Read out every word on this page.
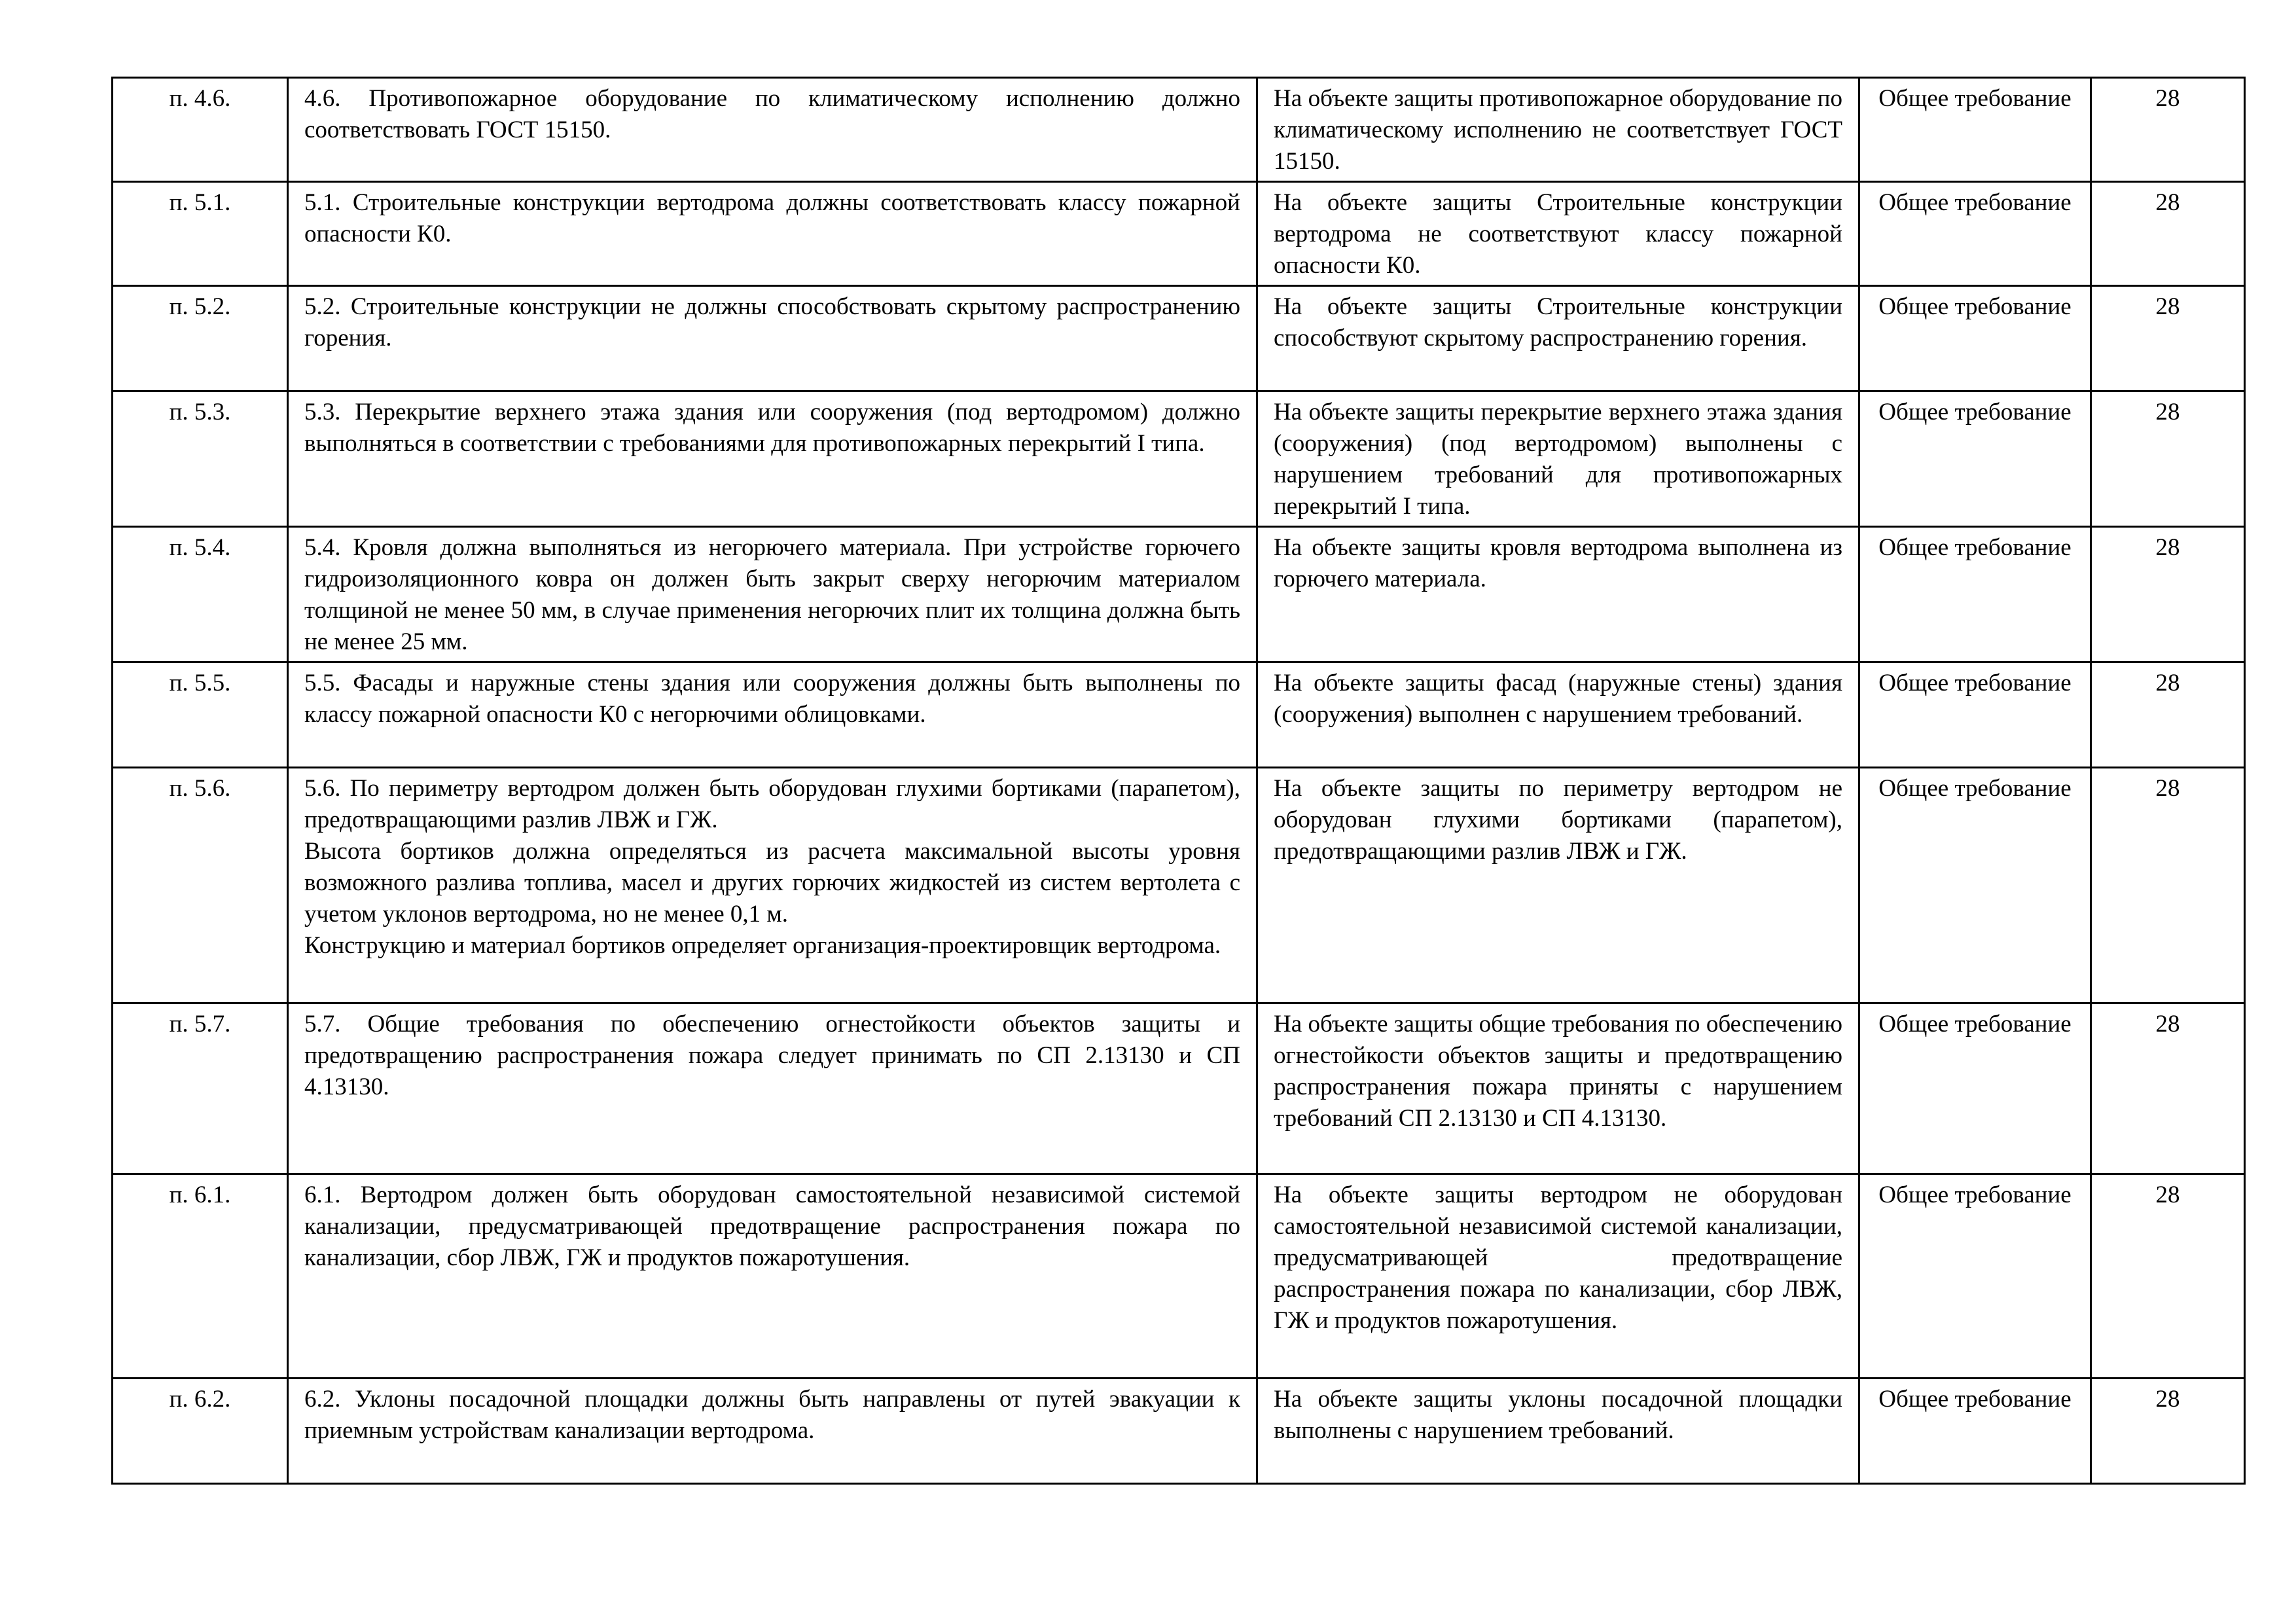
п. 4.6.	4.6. Противопожарное оборудование по климатическому исполнению должно соответствовать ГОСТ 15150.	На объекте защиты противопожарное оборудование по климатическому исполнению не соответствует ГОСТ 15150.	Общее требование	28
п. 5.1.	5.1. Строительные конструкции вертодрома должны соответствовать классу пожарной опасности К0.	На объекте защиты Строительные конструкции вертодрома не соответствуют классу пожарной опасности К0.	Общее требование	28
п. 5.2.	5.2. Строительные конструкции не должны способствовать скрытому распространению горения.	На объекте защиты Строительные конструкции способствуют скрытому распространению горения.	Общее требование	28
п. 5.3.	5.3. Перекрытие верхнего этажа здания или сооружения (под вертодромом) должно выполняться в соответствии с требованиями для противопожарных перекрытий I типа.	На объекте защиты перекрытие верхнего этажа здания (сооружения) (под вертодромом) выполнены с нарушением требований для противопожарных перекрытий I типа.	Общее требование	28
п. 5.4.	5.4. Кровля должна выполняться из негорючего материала. При устройстве горючего гидроизоляционного ковра он должен быть закрыт сверху негорючим материалом толщиной не менее 50 мм, в случае применения негорючих плит их толщина должна быть не менее 25 мм.	На объекте защиты кровля вертодрома выполнена из горючего материала.	Общее требование	28
п. 5.5.	5.5. Фасады и наружные стены здания или сооружения должны быть выполнены по классу пожарной опасности К0 с негорючими облицовками.	На объекте защиты фасад (наружные стены) здания (сооружения) выполнен с нарушением требований.	Общее требование	28
п. 5.6.	5.6. По периметру вертодром должен быть оборудован глухими бортиками (парапетом), предотвращающими разлив ЛВЖ и ГЖ.
Высота бортиков должна определяться из расчета максимальной высоты уровня возможного разлива топлива, масел и других горючих жидкостей из систем вертолета с учетом уклонов вертодрома, но не менее 0,1 м.
Конструкцию и материал бортиков определяет организация-проектировщик вертодрома.	На объекте защиты по периметру вертодром не оборудован глухими бортиками (парапетом), предотвращающими разлив ЛВЖ и ГЖ.	Общее требование	28
п. 5.7.	5.7. Общие требования по обеспечению огнестойкости объектов защиты и предотвращению распространения пожара следует принимать по СП 2.13130 и СП 4.13130.	На объекте защиты общие требования по обеспечению огнестойкости объектов защиты и предотвращению распространения пожара приняты с нарушением требований СП 2.13130 и СП 4.13130.	Общее требование	28
п. 6.1.	6.1. Вертодром должен быть оборудован самостоятельной независимой системой канализации, предусматривающей предотвращение распространения пожара по канализации, сбор ЛВЖ, ГЖ и продуктов пожаротушения.	На объекте защиты вертодром не оборудован самостоятельной независимой системой канализации, предусматривающей предотвращение распространения пожара по канализации, сбор ЛВЖ, ГЖ и продуктов пожаротушения.	Общее требование	28
п. 6.2.	6.2. Уклоны посадочной площадки должны быть направлены от путей эвакуации к приемным устройствам канализации вертодрома.	На объекте защиты уклоны посадочной площадки выполнены с нарушением требований.	Общее требование	28
